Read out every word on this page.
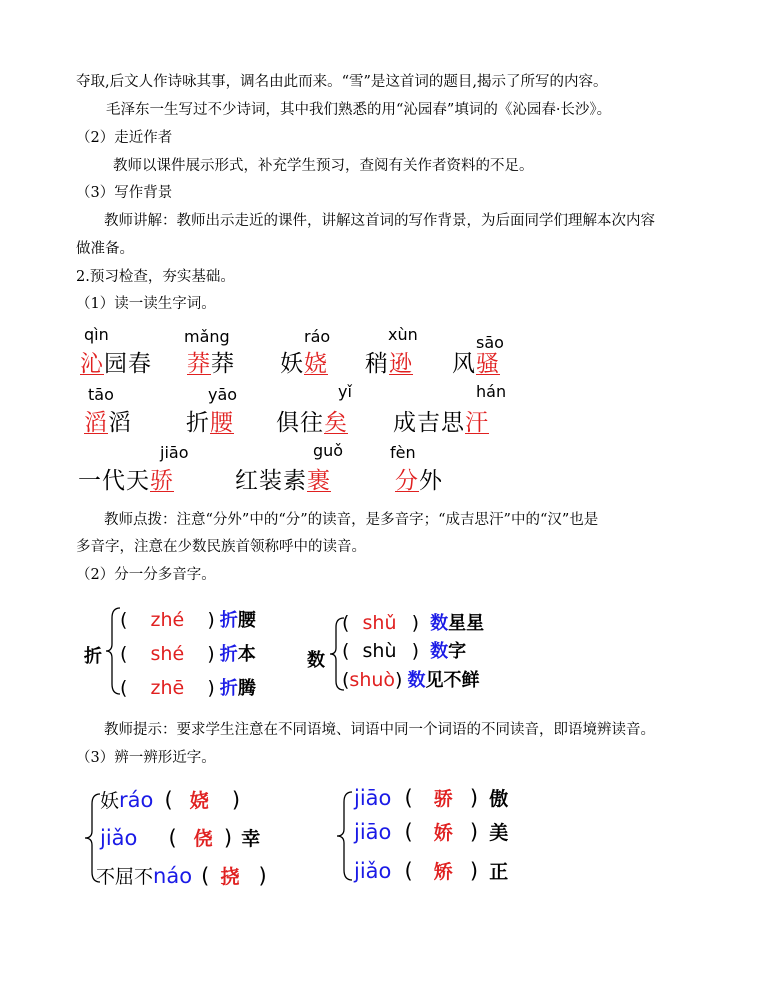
夺取,后文人作诗咏其事，调名由此而来。“雪”是这首词的题目,揭示了所写的内容。
毛泽东一生写过不少诗词，其中我们熟悉的用“沁园春”填词的《沁园春·长沙》。
（2）走近作者
教师以课件展示形式，补充学生预习，查阅有关作者资料的不足。
（3）写作背景
教师讲解：教师出示走近的课件，讲解这首词的写作背景，为后面同学们理解本次内容
做准备。
2.预习检查，夯实基础。
（1）读一读生字词。
qìn
沁园春
mǎng
莽莽
ráo
妖娆
xùn
稍逊
sāo
风骚
tāo
滔滔
yāo
折腰
yǐ
俱往矣
hán
成吉思汗
jiāo
一代天骄
guǒ
红装素裹
fèn
分外
教师点拨：注意“分外”中的“分”的读音，是多音字；“成吉思汗”中的“汉”也是
多音字，注意在少数民族首领称呼中的读音。
（2）分一分多音字。
折
( zhé ) 折腰
( shé ) 折本
( zhē ) 折腾
数
( shǔ ) 数星星
( shù ) 数字
(shuò) 数见不鲜
教师提示：要求学生注意在不同语境、词语中同一个词语的不同读音，即语境辨读音。
（3）辨一辨形近字。
妖ráo ( 娆 )
jiǎo ( 侥 ) 幸
不屈不náo ( 挠 )
jiāo ( 骄 ) 傲
jiāo ( 娇 ) 美
jiǎo ( 矫 ) 正
